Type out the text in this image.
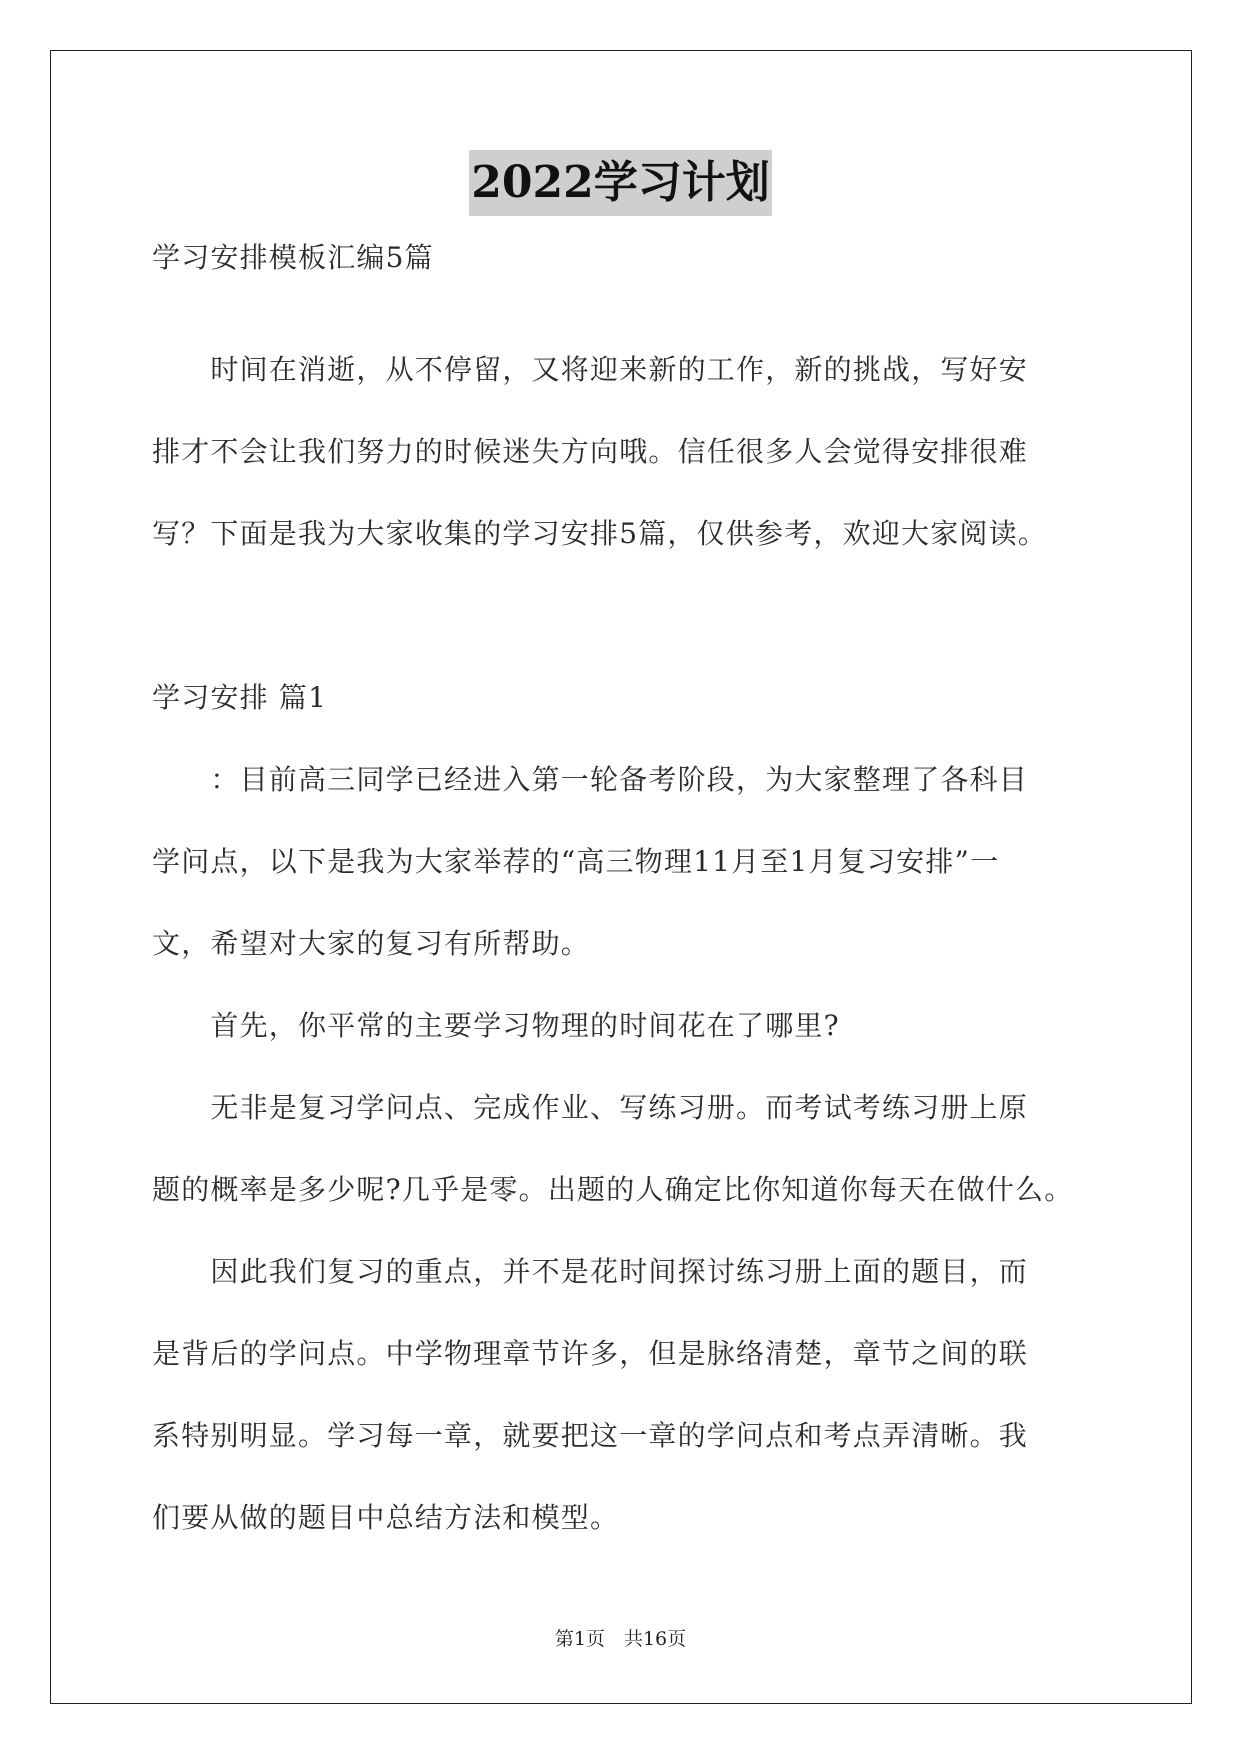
2022学习计划
学习安排模板汇编5篇
　　时间在消逝，从不停留，又将迎来新的工作，新的挑战，写好安
排才不会让我们努力的时候迷失方向哦。信任很多人会觉得安排很难
写？下面是我为大家收集的学习安排5篇，仅供参考，欢迎大家阅读。
学习安排 篇1
　　：目前高三同学已经进入第一轮备考阶段，为大家整理了各科目
学问点，以下是我为大家举荐的“高三物理11月至1月复习安排”一
文，希望对大家的复习有所帮助。
　　首先，你平常的主要学习物理的时间花在了哪里?
　　无非是复习学问点、完成作业、写练习册。而考试考练习册上原
题的概率是多少呢?几乎是零。出题的人确定比你知道你每天在做什么。
　　因此我们复习的重点，并不是花时间探讨练习册上面的题目，而
是背后的学问点。中学物理章节许多，但是脉络清楚，章节之间的联
系特别明显。学习每一章，就要把这一章的学问点和考点弄清晰。我
们要从做的题目中总结方法和模型。
第1页　共16页
